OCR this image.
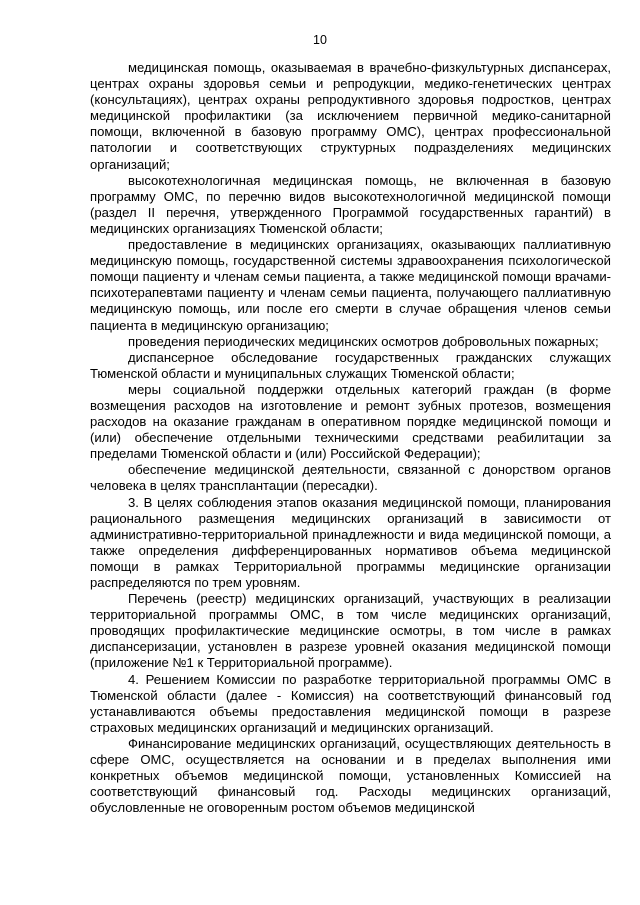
10

медицинская помощь, оказываемая в врачебно-физкультурных диспансерах, центрах охраны здоровья семьи и репродукции, медико-генетических центрах (консультациях), центрах охраны репродуктивного здоровья подростков, центрах медицинской профилактики (за исключением первичной медико-санитарной помощи, включенной в базовую программу ОМС), центрах профессиональной патологии и соответствующих структурных подразделениях медицинских организаций;

высокотехнологичная медицинская помощь, не включенная в базовую программу ОМС, по перечню видов высокотехнологичной медицинской помощи (раздел II перечня, утвержденного Программой государственных гарантий) в медицинских организациях Тюменской области;

предоставление в медицинских организациях, оказывающих паллиативную медицинскую помощь, государственной системы здравоохранения психологической помощи пациенту и членам семьи пациента, а также медицинской помощи врачами-психотерапевтами пациенту и членам семьи пациента, получающего паллиативную медицинскую помощь, или после его смерти в случае обращения членов семьи пациента в медицинскую организацию;

проведения периодических медицинских осмотров добровольных пожарных;

диспансерное обследование государственных гражданских служащих Тюменской области и муниципальных служащих Тюменской области;

меры социальной поддержки отдельных категорий граждан (в форме возмещения расходов на изготовление и ремонт зубных протезов, возмещения расходов на оказание гражданам в оперативном порядке медицинской помощи и (или) обеспечение отдельными техническими средствами реабилитации за пределами Тюменской области и (или) Российской Федерации);

обеспечение медицинской деятельности, связанной с донорством органов человека в целях трансплантации (пересадки).

3. В целях соблюдения этапов оказания медицинской помощи, планирования рационального размещения медицинских организаций в зависимости от административно-территориальной принадлежности и вида медицинской помощи, а также определения дифференцированных нормативов объема медицинской помощи в рамках Территориальной программы медицинские организации распределяются по трем уровням.

Перечень (реестр) медицинских организаций, участвующих в реализации территориальной программы ОМС, в том числе медицинских организаций, проводящих профилактические медицинские осмотры, в том числе в рамках диспансеризации, установлен в разрезе уровней оказания медицинской помощи (приложение №1 к Территориальной программе).

4. Решением Комиссии по разработке территориальной программы ОМС в Тюменской области (далее - Комиссия) на соответствующий финансовый год устанавливаются объемы предоставления медицинской помощи в разрезе страховых медицинских организаций и медицинских организаций.

Финансирование медицинских организаций, осуществляющих деятельность в сфере ОМС, осуществляется на основании и в пределах выполнения ими конкретных объемов медицинской помощи, установленных Комиссией на соответствующий финансовый год. Расходы медицинских организаций, обусловленные не оговоренным ростом объемов медицинской
